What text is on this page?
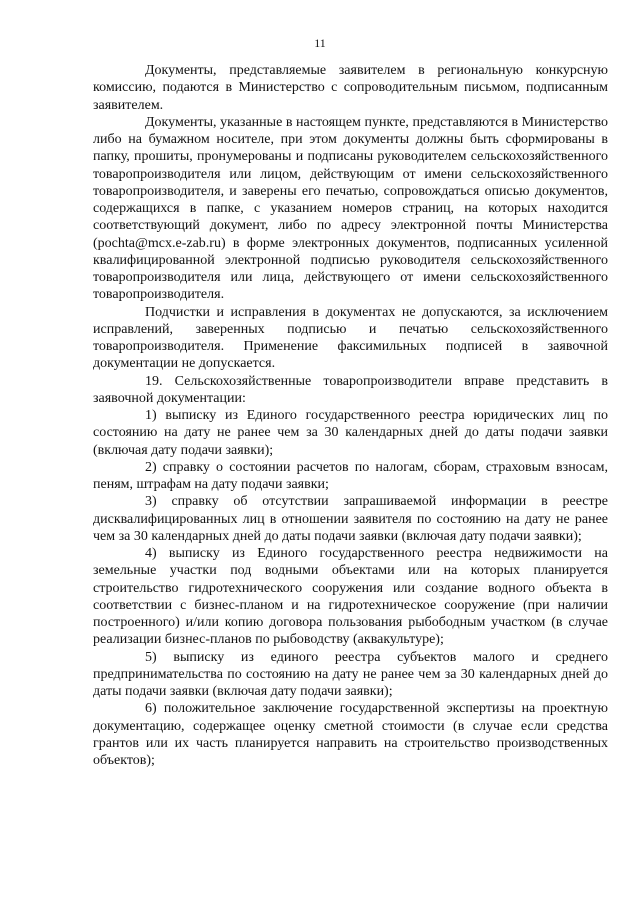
11

Документы, представляемые заявителем в региональную конкурсную комиссию, подаются в Министерство с сопроводительным письмом, подписанным заявителем.

Документы, указанные в настоящем пункте, представляются в Министерство либо на бумажном носителе, при этом документы должны быть сформированы в папку, прошиты, пронумерованы и подписаны руководителем сельскохозяйственного товаропроизводителя или лицом, действующим от имени сельскохозяйственного товаропроизводителя, и заверены его печатью, сопровождаться описью документов, содержащихся в папке, с указанием номеров страниц, на которых находится соответствующий документ, либо по адресу электронной почты Министерства (pochta@mcx.e-zab.ru) в форме электронных документов, подписанных усиленной квалифицированной электронной подписью руководителя сельскохозяйственного товаропроизводителя или лица, действующего от имени сельскохозяйственного товаропроизводителя.

Подчистки и исправления в документах не допускаются, за исключением исправлений, заверенных подписью и печатью сельскохозяйственного товаропроизводителя. Применение факсимильных подписей в заявочной документации не допускается.

19. Сельскохозяйственные товаропроизводители вправе представить в заявочной документации:

1) выписку из Единого государственного реестра юридических лиц по состоянию на дату не ранее чем за 30 календарных дней до даты подачи заявки (включая дату подачи заявки);

2) справку о состоянии расчетов по налогам, сборам, страховым взносам, пеням, штрафам на дату подачи заявки;

3) справку об отсутствии запрашиваемой информации в реестре дисквалифицированных лиц в отношении заявителя по состоянию на дату не ранее чем за 30 календарных дней до даты подачи заявки (включая дату подачи заявки);

4) выписку из Единого государственного реестра недвижимости на земельные участки под водными объектами или на которых планируется строительство гидротехнического сооружения или создание водного объекта в соответствии с бизнес-планом и на гидротехническое сооружение (при наличии построенного) и/или копию договора пользования рыбободным участком (в случае реализации бизнес-планов по рыбоводству (аквакультуре);

5) выписку из единого реестра субъектов малого и среднего предпринимательства по состоянию на дату не ранее чем за 30 календарных дней до даты подачи заявки (включая дату подачи заявки);

6) положительное заключение государственной экспертизы на проектную документацию, содержащее оценку сметной стоимости (в случае если средства грантов или их часть планируется направить на строительство производственных объектов);
